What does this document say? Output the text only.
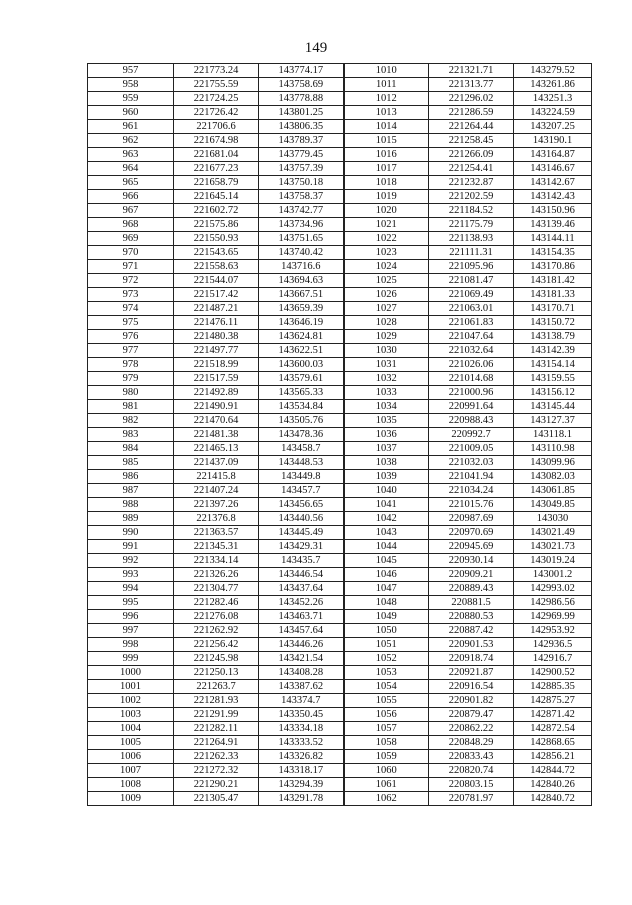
149
957	221773.24	143774.17	1010	221321.71	143279.52
958	221755.59	143758.69	1011	221313.77	143261.86
959	221724.25	143778.88	1012	221296.02	143251.3
960	221726.42	143801.25	1013	221286.59	143224.59
961	221706.6	143806.35	1014	221264.44	143207.25
962	221674.98	143789.37	1015	221258.45	143190.1
963	221681.04	143779.45	1016	221266.09	143164.87
964	221677.23	143757.39	1017	221254.41	143146.67
965	221658.79	143750.18	1018	221232.87	143142.67
966	221645.14	143758.37	1019	221202.59	143142.43
967	221602.72	143742.77	1020	221184.52	143150.96
968	221575.86	143734.96	1021	221175.79	143139.46
969	221550.93	143751.65	1022	221138.93	143144.11
970	221543.65	143740.42	1023	221111.31	143154.35
971	221558.63	143716.6	1024	221095.96	143170.86
972	221544.07	143694.63	1025	221081.47	143181.42
973	221517.42	143667.51	1026	221069.49	143181.33
974	221487.21	143659.39	1027	221063.01	143170.71
975	221476.11	143646.19	1028	221061.83	143150.72
976	221480.38	143624.81	1029	221047.64	143138.79
977	221497.77	143622.51	1030	221032.64	143142.39
978	221518.99	143600.03	1031	221026.06	143154.14
979	221517.59	143579.61	1032	221014.68	143159.55
980	221492.89	143565.33	1033	221000.96	143156.12
981	221490.91	143534.84	1034	220991.64	143145.44
982	221470.64	143505.76	1035	220988.43	143127.37
983	221481.38	143478.36	1036	220992.7	143118.1
984	221465.13	143458.7	1037	221009.05	143110.98
985	221437.09	143448.53	1038	221032.03	143099.96
986	221415.8	143449.8	1039	221041.94	143082.03
987	221407.24	143457.7	1040	221034.24	143061.85
988	221397.26	143456.65	1041	221015.76	143049.85
989	221376.8	143440.56	1042	220987.69	143030
990	221363.57	143445.49	1043	220970.69	143021.49
991	221345.31	143429.31	1044	220945.69	143021.73
992	221334.14	143435.7	1045	220930.14	143019.24
993	221326.26	143446.54	1046	220909.21	143001.2
994	221304.77	143437.64	1047	220889.43	142993.02
995	221282.46	143452.26	1048	220881.5	142986.56
996	221276.08	143463.71	1049	220880.53	142969.99
997	221262.92	143457.64	1050	220887.42	142953.92
998	221256.42	143446.26	1051	220901.53	142936.5
999	221245.98	143421.54	1052	220918.74	142916.7
1000	221250.13	143408.28	1053	220921.87	142900.52
1001	221263.7	143387.62	1054	220916.54	142885.35
1002	221281.93	143374.7	1055	220901.82	142875.27
1003	221291.99	143350.45	1056	220879.47	142871.42
1004	221282.11	143334.18	1057	220862.22	142872.54
1005	221264.91	143333.52	1058	220848.29	142868.65
1006	221262.33	143326.82	1059	220833.43	142856.21
1007	221272.32	143318.17	1060	220820.74	142844.72
1008	221290.21	143294.39	1061	220803.15	142840.26
1009	221305.47	143291.78	1062	220781.97	142840.72
